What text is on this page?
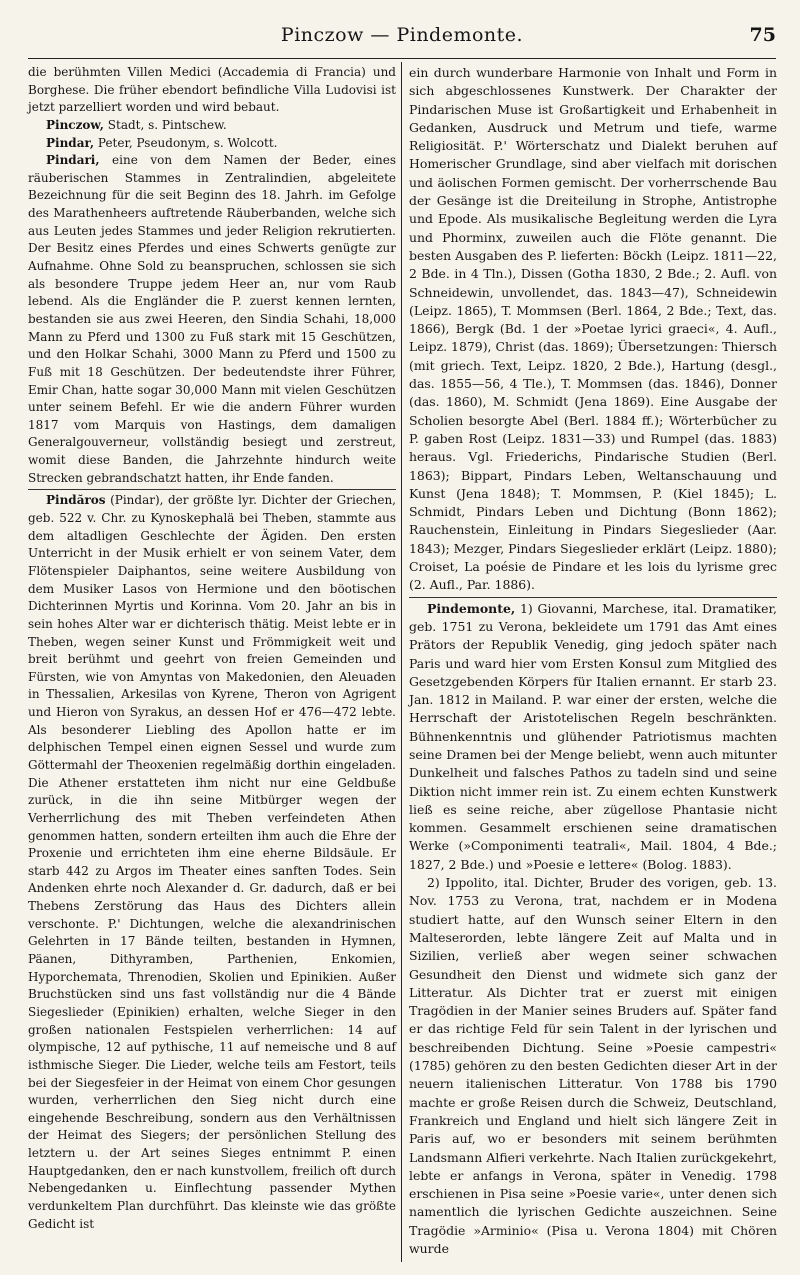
Pinczow — Pindemonte.	75

die berühmten Villen Medici (Accademia di Francia) und Borghese. Die früher ebendort befindliche Villa Ludovisi ist jetzt parzelliert worden und wird bebaut.

Pinczow, Stadt, s. Pintschew.

Pindar, Peter, Pseudonym, s. Wolcott.

Pindari, eine von dem Namen der Beder, eines räuberischen Stammes in Zentralindien, abgeleitete Bezeichnung für die seit Beginn des 18. Jahrh. im Gefolge des Marathenheers auftretende Räuberbanden, welche sich aus Leuten jedes Stammes und jeder Religion rekrutierten. Der Besitz eines Pferdes und eines Schwerts genügte zur Aufnahme. Ohne Sold zu beanspruchen, schlossen sie sich als besondere Truppe jedem Heer an, nur vom Raub lebend. Als die Engländer die P. zuerst kennen lernten, bestanden sie aus zwei Heeren, den Sindia Schahi, 18,000 Mann zu Pferd und 1300 zu Fuß stark mit 15 Geschützen, und den Holkar Schahi, 3000 Mann zu Pferd und 1500 zu Fuß mit 18 Geschützen. Der bedeutendste ihrer Führer, Emir Chan, hatte sogar 30,000 Mann mit vielen Geschützen unter seinem Befehl. Er wie die andern Führer wurden 1817 vom Marquis von Hastings, dem damaligen Generalgouverneur, vollständig besiegt und zerstreut, womit diese Banden, die Jahrzehnte hindurch weite Strecken gebrandschatzt hatten, ihr Ende fanden.

Pindăros (Pindar), der größte lyr. Dichter der Griechen, geb. 522 v. Chr. zu Kynoskephalä bei Theben, stammte aus dem altadligen Geschlechte der Ägiden. Den ersten Unterricht in der Musik erhielt er von seinem Vater, dem Flötenspieler Daiphantos, seine weitere Ausbildung von dem Musiker Lasos von Hermione und den böotischen Dichterinnen Myrtis und Korinna. Vom 20. Jahr an bis in sein hohes Alter war er dichterisch thätig. Meist lebte er in Theben, wegen seiner Kunst und Frömmigkeit weit und breit berühmt und geehrt von freien Gemeinden und Fürsten, wie von Amyntas von Makedonien, den Aleuaden in Thessalien, Arkesilas von Kyrene, Theron von Agrigent und Hieron von Syrakus, an dessen Hof er 476—472 lebte. Als besonderer Liebling des Apollon hatte er im delphischen Tempel einen eignen Sessel und wurde zum Göttermahl der Theoxenien regelmäßig dorthin eingeladen. Die Athener erstatteten ihm nicht nur eine Geldbuße zurück, in die ihn seine Mitbürger wegen der Verherrlichung des mit Theben verfeindeten Athen genommen hatten, sondern erteilten ihm auch die Ehre der Proxenie und errichteten ihm eine eherne Bildsäule. Er starb 442 zu Argos im Theater eines sanften Todes. Sein Andenken ehrte noch Alexander d. Gr. dadurch, daß er bei Thebens Zerstörung das Haus des Dichters allein verschonte. P.' Dichtungen, welche die alexandrinischen Gelehrten in 17 Bände teilten, bestanden in Hymnen, Päanen, Dithyramben, Parthenien, Enkomien, Hyporchemata, Threnodien, Skolien und Epinikien. Außer Bruchstücken sind uns fast vollständig nur die 4 Bände Siegeslieder (Epinikien) erhalten, welche Sieger in den großen nationalen Festspielen verherrlichen: 14 auf olympische, 12 auf pythische, 11 auf nemeische und 8 auf isthmische Sieger. Die Lieder, welche teils am Festort, teils bei der Siegesfeier in der Heimat von einem Chor gesungen wurden, verherrlichen den Sieg nicht durch eine eingehende Beschreibung, sondern aus den Verhältnissen der Heimat des Siegers; der persönlichen Stellung des letztern u. der Art seines Sieges entnimmt P. einen Hauptgedanken, den er nach kunstvollem, freilich oft durch Nebengedanken u. Einflechtung passender Mythen verdunkeltem Plan durchführt. Das kleinste wie das größte Gedicht ist

ein durch wunderbare Harmonie von Inhalt und Form in sich abgeschlossenes Kunstwerk. Der Charakter der Pindarischen Muse ist Großartigkeit und Erhabenheit in Gedanken, Ausdruck und Metrum und tiefe, warme Religiosität. P.' Wörterschatz und Dialekt beruhen auf Homerischer Grundlage, sind aber vielfach mit dorischen und äolischen Formen gemischt. Der vorherrschende Bau der Gesänge ist die Dreiteilung in Strophe, Antistrophe und Epode. Als musikalische Begleitung werden die Lyra und Phorminx, zuweilen auch die Flöte genannt. Die besten Ausgaben des P. lieferten: Böckh (Leipz. 1811—22, 2 Bde. in 4 Tln.), Dissen (Gotha 1830, 2 Bde.; 2. Aufl. von Schneidewin, unvollendet, das. 1843—47), Schneidewin (Leipz. 1865), T. Mommsen (Berl. 1864, 2 Bde.; Text, das. 1866), Bergk (Bd. 1 der »Poetae lyrici graeci«, 4. Aufl., Leipz. 1879), Christ (das. 1869); Übersetzungen: Thiersch (mit griech. Text, Leipz. 1820, 2 Bde.), Hartung (desgl., das. 1855—56, 4 Tle.), T. Mommsen (das. 1846), Donner (das. 1860), M. Schmidt (Jena 1869). Eine Ausgabe der Scholien besorgte Abel (Berl. 1884 ff.); Wörterbücher zu P. gaben Rost (Leipz. 1831—33) und Rumpel (das. 1883) heraus. Vgl. Friederichs, Pindarische Studien (Berl. 1863); Bippart, Pindars Leben, Weltanschauung und Kunst (Jena 1848); T. Mommsen, P. (Kiel 1845); L. Schmidt, Pindars Leben und Dichtung (Bonn 1862); Rauchenstein, Einleitung in Pindars Siegeslieder (Aar. 1843); Mezger, Pindars Siegeslieder erklärt (Leipz. 1880); Croiset, La poésie de Pindare et les lois du lyrisme grec (2. Aufl., Par. 1886).

Pindemonte, 1) Giovanni, Marchese, ital. Dramatiker, geb. 1751 zu Verona, bekleidete um 1791 das Amt eines Prätors der Republik Venedig, ging jedoch später nach Paris und ward hier vom Ersten Konsul zum Mitglied des Gesetzgebenden Körpers für Italien ernannt. Er starb 23. Jan. 1812 in Mailand. P. war einer der ersten, welche die Herrschaft der Aristotelischen Regeln beschränkten. Bühnenkenntnis und glühender Patriotismus machten seine Dramen bei der Menge beliebt, wenn auch mitunter Dunkelheit und falsches Pathos zu tadeln sind und seine Diktion nicht immer rein ist. Zu einem echten Kunstwerk ließ es seine reiche, aber zügellose Phantasie nicht kommen. Gesammelt erschienen seine dramatischen Werke (»Componimenti teatrali«, Mail. 1804, 4 Bde.; 1827, 2 Bde.) und »Poesie e lettere« (Bolog. 1883).

2) Ippolito, ital. Dichter, Bruder des vorigen, geb. 13. Nov. 1753 zu Verona, trat, nachdem er in Modena studiert hatte, auf den Wunsch seiner Eltern in den Malteserorden, lebte längere Zeit auf Malta und in Sizilien, verließ aber wegen seiner schwachen Gesundheit den Dienst und widmete sich ganz der Litteratur. Als Dichter trat er zuerst mit einigen Tragödien in der Manier seines Bruders auf. Später fand er das richtige Feld für sein Talent in der lyrischen und beschreibenden Dichtung. Seine »Poesie campestri« (1785) gehören zu den besten Gedichten dieser Art in der neuern italienischen Litteratur. Von 1788 bis 1790 machte er große Reisen durch die Schweiz, Deutschland, Frankreich und England und hielt sich längere Zeit in Paris auf, wo er besonders mit seinem berühmten Landsmann Alfieri verkehrte. Nach Italien zurückgekehrt, lebte er anfangs in Verona, später in Venedig. 1798 erschienen in Pisa seine »Poesie varie«, unter denen sich namentlich die lyrischen Gedichte auszeichnen. Seine Tragödie »Arminio« (Pisa u. Verona 1804) mit Chören wurde
